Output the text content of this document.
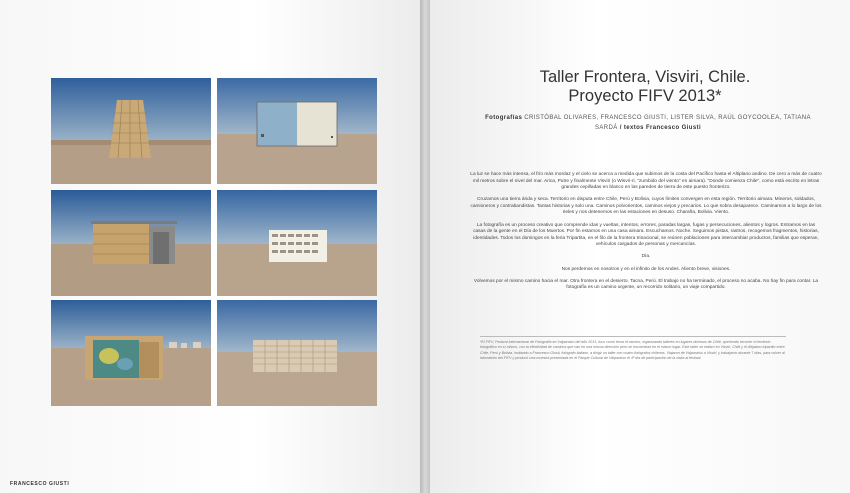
FRANCESCO GIUSTI
Taller Frontera, Visviri, Chile.
Proyecto FIFV 2013*
Fotografías CRISTÓBAL OLIVARES, FRANCESCO GIUSTI, LISTER SILVA, RAÚL GOYCOOLEA, TATIANA SARDÁ / textos Francesco Giusti

La luz se hace más intensa, el frío más mordaz y el cielo se acerca a medida que subimos de la costa del Pacífico hasta el Altiplano andino. De cero a más de cuatro mil metros sobre el nivel del mar. Arica, Putre y finalmente Visviri (o Wisvri-ri, "zumbido del viento" en aimara). "Donde comienza Chile", como está escrito en letras grandes cepilladas en blanco en las paredes de tierra de este puesto fronterizo.

Cruzamos una tierra árida y seca. Territorio en disputa entre Chile, Perú y Bolivia, cuyos límites convergen en esta región. Territorio aimara. Mineros, soldados, camioneros y contrabandistas. Tantas historias y solo una. Caminos polvorientos, caminos viejos y precarios. Lo que sobra desaparece. Caminamos a lo largo de los rieles y nos detenemos en las estaciones en desuso. Charaña, Bolivia. Viento.

La fotografía es un proceso creativo que comprende idas y vueltas, intentos, errores, paradas largas, fugas y persecuciones, alientos y logros. Entramos en las casas de la gente en el Día de los Muertos. Por fin estamos en una casa aimara. Escuchamos. Noche. Seguimos pistas, rastros, recogemos fragmentos, historias, identidades. Todos los domingos en la feria Tripartita, en el filo de la frontera trinacional, se reúnen poblaciones para intercambiar productos, familias que esperan, vehículos cargados de personas y mercancías.

Día.

Nos perdemos en nosotros y en el infinito de los Andes. Aliento breve, visiones.

Volvemos por el mismo camino hacia el mar. Otra frontera en el desierto. Tacna, Perú. El trabajo no ha terminado, el proceso no acaba. No hay fin para contar. La fotografía es un camino urgente, un recorrido solitario, un viaje compartido.

*El FIFV, Festival Internacional de Fotografía en Valparaíso del año 2013, tuvo como tema el camino, organizando talleres en lugares diversos de Chile, queriendo recorrer el territorio fotográfico en sí mismo, con la efectividad de caminos que van en una misma dirección pero se encuentran en el mismo lugar. Este taller se realizó en Visviri, Chile y el Altiplano tripartito entre Chile, Perú y Bolivia, invitando a Francesco Giusti, fotógrafo italiano, a dirigir un taller con cuatro fotógrafos chilenos. Viajaron de Valparaíso a Visviri, y trabajaron durante 7 días, para volver al laboratorio del FIFV y producir una muestra presentada en el Parque Cultural de Valparaíso el 4º día de participación de la visita al festival.
